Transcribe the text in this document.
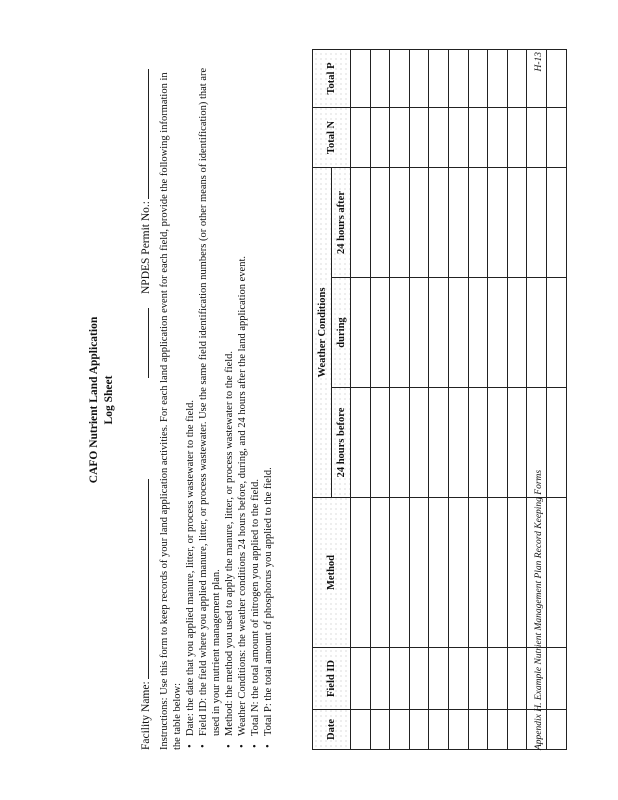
CAFO Nutrient Land Application Log Sheet
Facility Name:
NPDES Permit No.: Instructions: Use this form to keep records of your land application activities. For each land application event for each field, provide the following information in the table below: • Date: the date that you applied manure, litter, or process wastewater to the field. • Field ID: the field where you applied manure, litter, or process wastewater. Use the same field identification numbers (or other means of identification) that are used in your nutrient management plan. • Method: the method you used to apply the manure, litter, or process wastewater to the field. • Weather Conditions: the weather conditions 24 hours before, during, and 24 hours after the land application event. • Total N: the total amount of nitrogen you applied to the field. • Total P: the total amount of phosphorus you applied to the field.	Date	Field ID	Method	Weather Conditions			Total N	Total P
			24 hours before	during	24 hours after		

Appendix H. Example Nutrient Management Plan Record Keeping Forms
H-13
